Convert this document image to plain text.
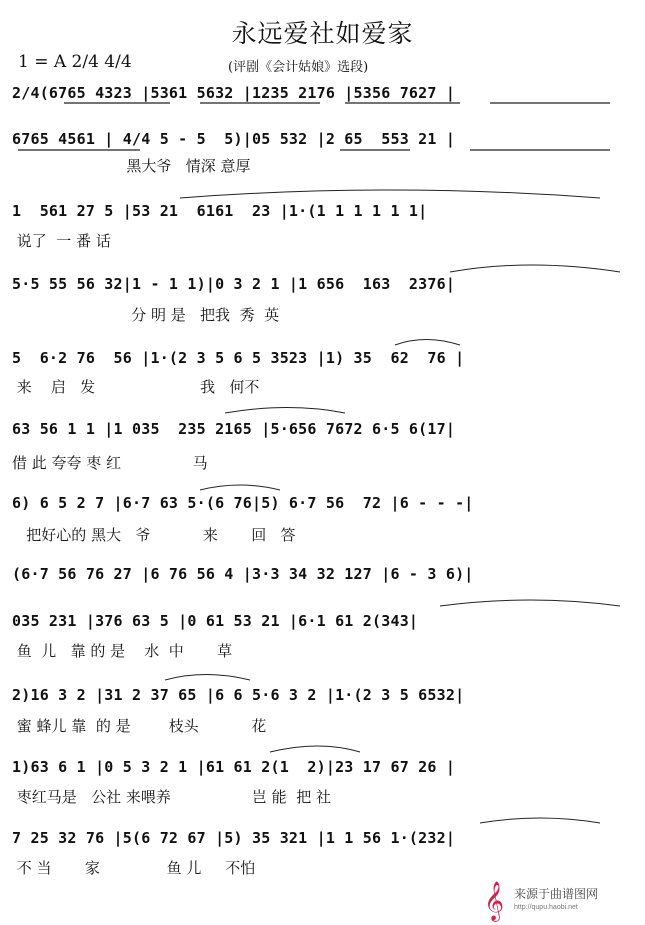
永远爱社如爱家
1 = A 2/4 4/4	(评剧《会计姑娘》选段)
2/4(6765 4323 |5361 5632 |1235 2176 |5356 7627 |
6765 4561 | 4/4 5 - 5  5)|05 532 |2 65  553 21 |
黑大爷   情深 意厚
1  561 27 5 |53 21  6161  23 |1·(1 1 1 1 1 1|
说了  一 番 话
5·5 55 56 32|1 - 1 1)|0 3 2 1 |1 656  163  2376|
分 明 是   把我  秀  英
5  6·2 76  56 |1·(2 3 5 6 5 3523 |1) 35  62  76 |
来    启   发                      我   何不
63 56 1 1 |1 035  235 2165 |5·656 7672 6·5 6(17|
借 此 夸夸 枣 红               马
6) 6 5 2 7 |6·7 63 5·(6 76|5) 6·7 56  72 |6 - - -|
把好心的 黑大   爷           来       回   答
(6·7 56 76 27 |6 76 56 4 |3·3 34 32 127 |6 - 3 6)|
035 231 |376 63 5 |0 61 53 21 |6·1 61 2(343|
鱼  儿   靠 的 是    水  中       草
2)16 3 2 |31 2 37 65 |6 6 5·6 3 2 |1·(2 3 5 6532|
蜜 蜂儿 靠  的 是        枝头           花
1)63 6 1 |0 5 3 2 1 |61 61 2(1  2)|23 17 67 26 |
枣红马是   公社 来喂养                 岂 能  把 社
7 25 32 76 |5(6 72 67 |5) 35 321 |1 1 56 1·(232|
不 当       家              鱼 儿     不怕
𝄞 来源于曲谱图网
http://qupu.haobi.net
